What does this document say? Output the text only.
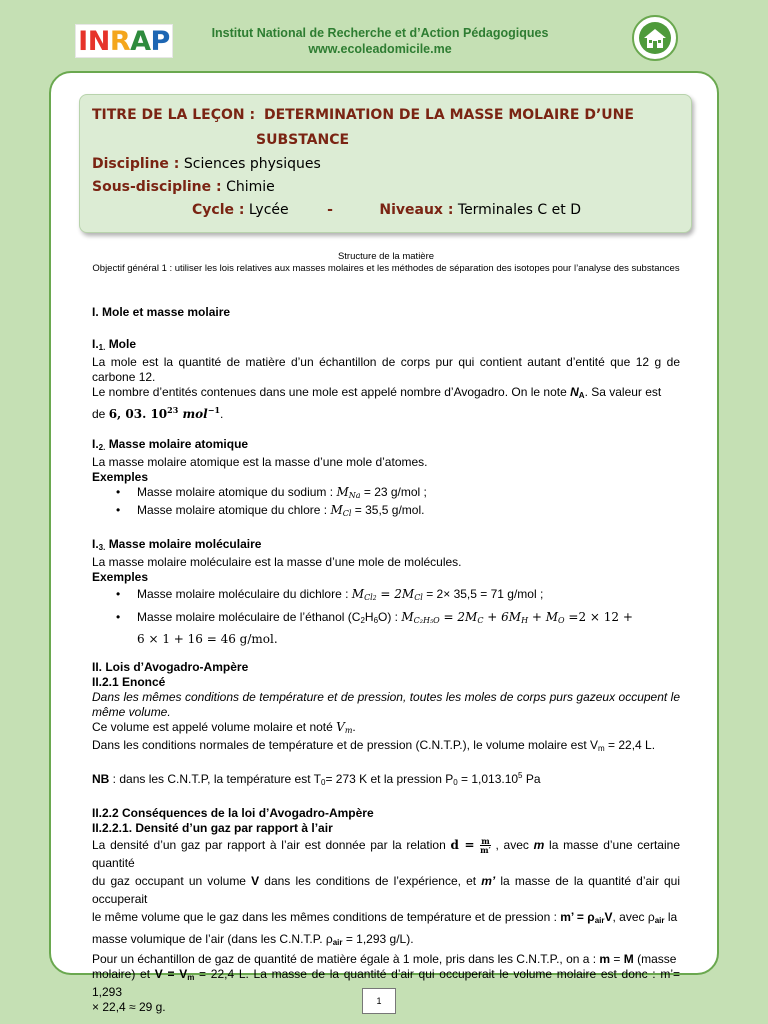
IN R A P	Institut National de Recherche et d’Action Pédagogiques
www.ecoleadomicile.me
TITRE DE LA LEÇON : DETERMINATION DE LA MASSE MOLAIRE D’UNE
SUBSTANCE
Discipline : Sciences physiques
Sous-discipline : Chimie
Cycle : Lycée	-	Niveaux : Terminales C et D
Structure de la matière
Objectif général 1 : utiliser les lois relatives aux masses molaires et les méthodes de séparation des isotopes pour l’analyse des substances
I. Mole et masse molaire
$I._{1.}$ Mole
La mole est la quantité de matière d’un échantillon de corps pur qui contient autant d’entité que 12 g de carbone 12.
Le nombre d’entités contenues dans une mole est appelé nombre d’Avogadro. On le note $N_A$. Sa valeur est
de 6, 03. $10^{23}$ mol$^{-1}$.
$I._{2.}$ Masse molaire atomique
La masse molaire atomique est la masse d’une mole d’atomes.
Exemples
• Masse molaire atomique du sodium : $M_{Na} = 23$ g/mol ;
• Masse molaire atomique du chlore : $M_{Cl} = 35,5$ g/mol.
$I._{3.}$ Masse molaire moléculaire
La masse molaire moléculaire est la masse d’une mole de molécules.
Exemples
• Masse molaire moléculaire du dichlore : $M_{Cl2} = 2M_{Cl} = 2\times 35,5 = 71$ g/mol ;
• Masse molaire moléculaire de l’éthanol $(C_2H_6O)$ : $M_{C_2H_5O} = 2M_C + 6M_H + M_O =2 \times 12$ +
6 × 1 + 16 = 46 g/mol.
II. Lois d’Avogadro-Ampère
II.2.1 Enoncé
Dans les mêmes conditions de température et de pression, toutes les moles de corps purs gazeux occupent le même volume.
Ce volume est appelé volume molaire et noté $V_m$.
Dans les conditions normales de température et de pression (C.N.T.P.), le volume molaire est $V_m = 22,4$ L.
NB : dans les C.N.T.P, la température est $T_0= 273$ K et la pression $P_0 = 1,013.10^5$ Pa
II.2.2 Conséquences de la loi d’Avogadro-Ampère
II.2.2.1. Densité d’un gaz par rapport à l’air
La densité d’un gaz par rapport à l’air est donnée par la relation $d = \frac{m}{m'}$ , avec m la masse d’une certaine quantité
du gaz occupant un volume V dans les conditions de l’expérience, et m’ la masse de la quantité d’air qui occuperait
le même volume que le gaz dans les mêmes conditions de température et de pression : m’ = $\rho_{air}V$, avec $\rho_{air}$ la
masse volumique de l’air (dans les C.N.T.P. $\rho_{air} = 1,293$ g/L).
Pour un échantillon de gaz de quantité de matière égale à 1 mole, pris dans les C.N.T.P., on a : m = M (masse
molaire) et $V = V_m = 22,4$ L. La masse de la quantité d’air qui occuperait le volume molaire est donc : m’= 1,293
× 22,4 ≈ 29 g.	1
